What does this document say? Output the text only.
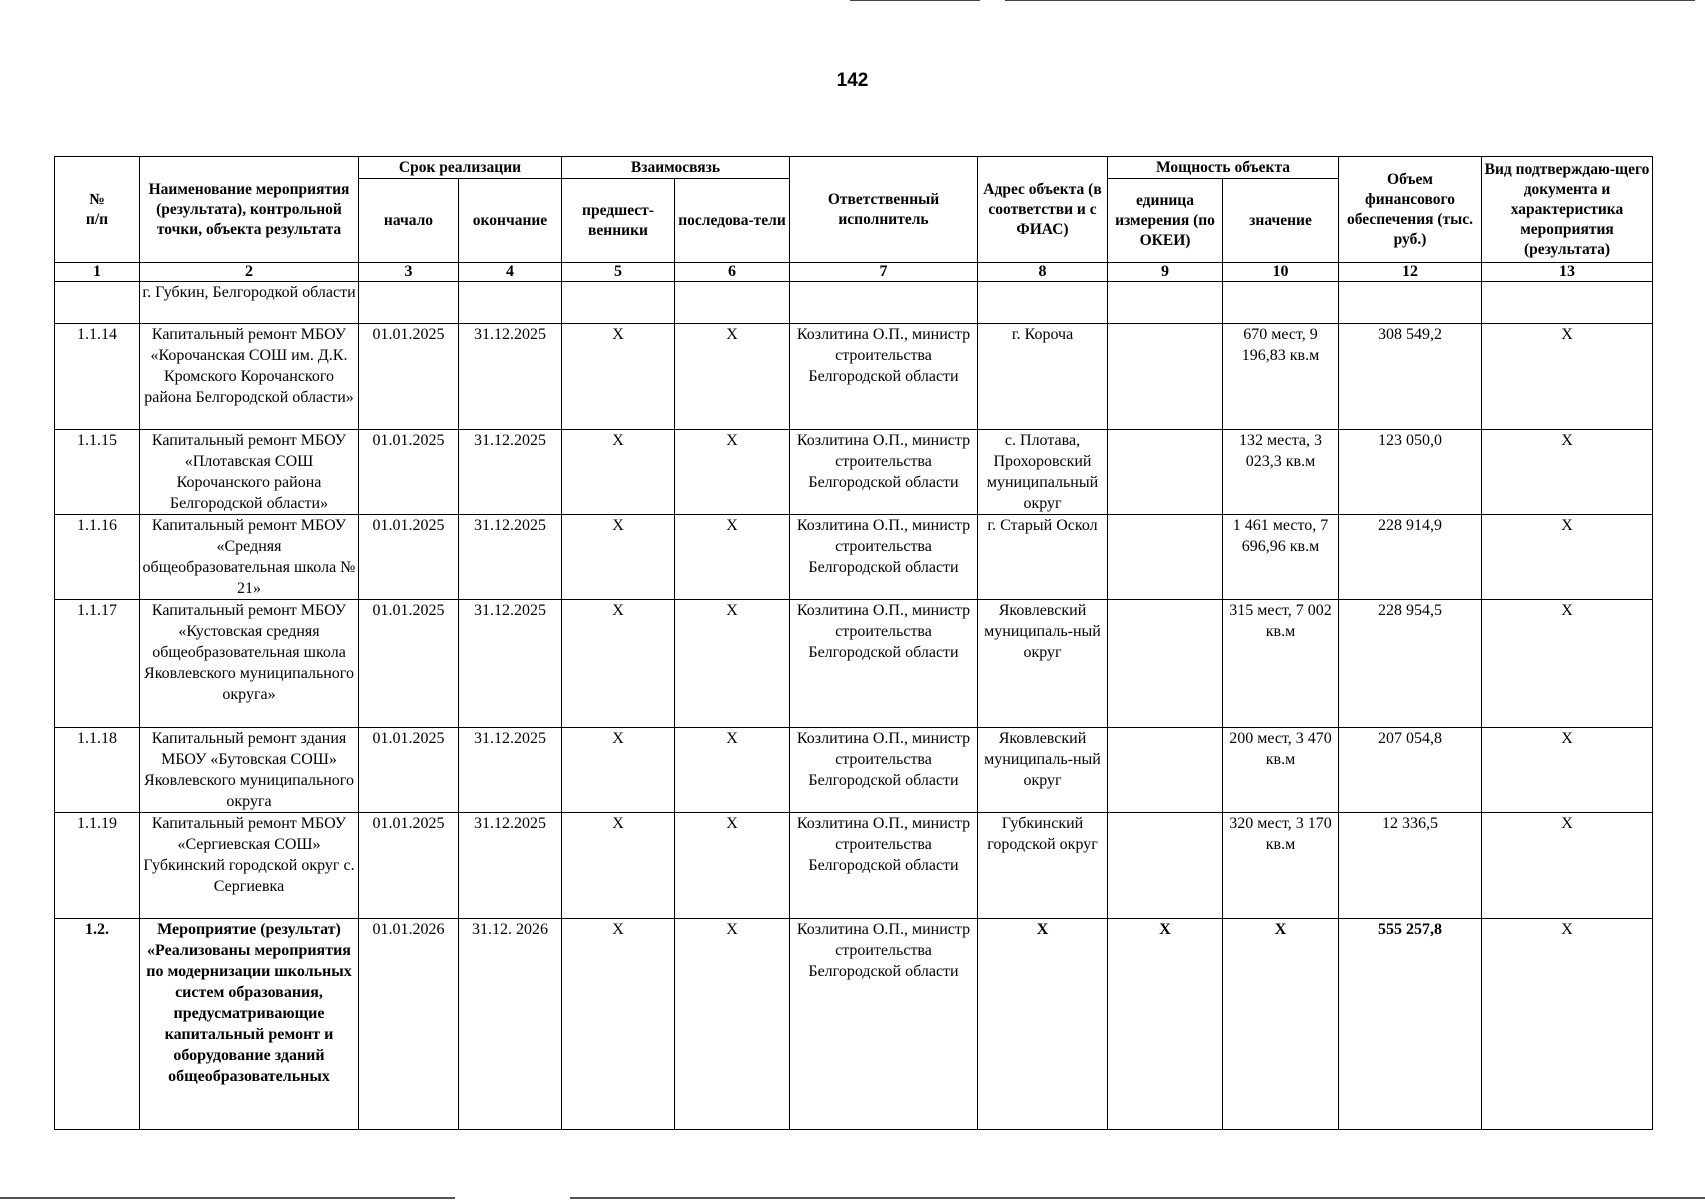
142
№
п/п	Наименование мероприятия (результата), контрольной точки, объекта результата	Срок реализации		Взаимосвязь		Ответственный исполнитель	Адрес объекта (в соответстви и с ФИАС)	Мощность объекта		Объем финансового обеспечения (тыс. руб.)	Вид подтверждаю-щего документа и характеристика мероприятия (результата)
		начало	окончание	предшест-венники	последова-тели			единица измерения (по ОКЕИ)	значение		
1	2	3	4	5	6	7	8	9	10	12	13
	г. Губкин, Белгородкой области										
1.1.14	Капитальный ремонт МБОУ «Корочанская СОШ им. Д.К. Кромского Корочанского района Белгородской области»	01.01.2025	31.12.2025	Х	Х	Козлитина О.П., министр строительства Белгородской области	г. Короча		670 мест, 9 196,83 кв.м	308 549,2	Х
1.1.15	Капитальный ремонт МБОУ «Плотавская СОШ Корочанского района Белгородской области»	01.01.2025	31.12.2025	Х	Х	Козлитина О.П., министр строительства Белгородской области	с. Плотава, Прохоровский муниципальный округ		132 места, 3 023,3 кв.м	123 050,0	Х
1.1.16	Капитальный ремонт МБОУ «Средняя общеобразовательная школа № 21»	01.01.2025	31.12.2025	Х	Х	Козлитина О.П., министр строительства Белгородской области	г. Старый Оскол		1 461 место, 7 696,96 кв.м	228 914,9	Х
1.1.17	Капитальный ремонт МБОУ «Кустовская средняя общеобразовательная школа Яковлевского муниципального округа»	01.01.2025	31.12.2025	Х	Х	Козлитина О.П., министр строительства Белгородской области	Яковлевский муниципаль-ный округ		315 мест, 7 002 кв.м	228 954,5	Х
1.1.18	Капитальный ремонт здания МБОУ «Бутовская СОШ» Яковлевского муниципального округа	01.01.2025	31.12.2025	Х	Х	Козлитина О.П., министр строительства Белгородской области	Яковлевский муниципаль-ный округ		200 мест, 3 470 кв.м	207 054,8	Х
1.1.19	Капитальный ремонт МБОУ «Сергиевская СОШ» Губкинский городской округ с. Сергиевка	01.01.2025	31.12.2025	Х	Х	Козлитина О.П., министр строительства Белгородской области	Губкинский городской округ		320 мест, 3 170 кв.м	12 336,5	Х
1.2.	Мероприятие (результат) «Реализованы мероприятия по модернизации школьных систем образования, предусматривающие капитальный ремонт и оборудование зданий общеобразовательных	01.01.2026	31.12. 2026	Х	Х	Козлитина О.П., министр строительства Белгородской области	Х	Х	Х	555 257,8	Х
